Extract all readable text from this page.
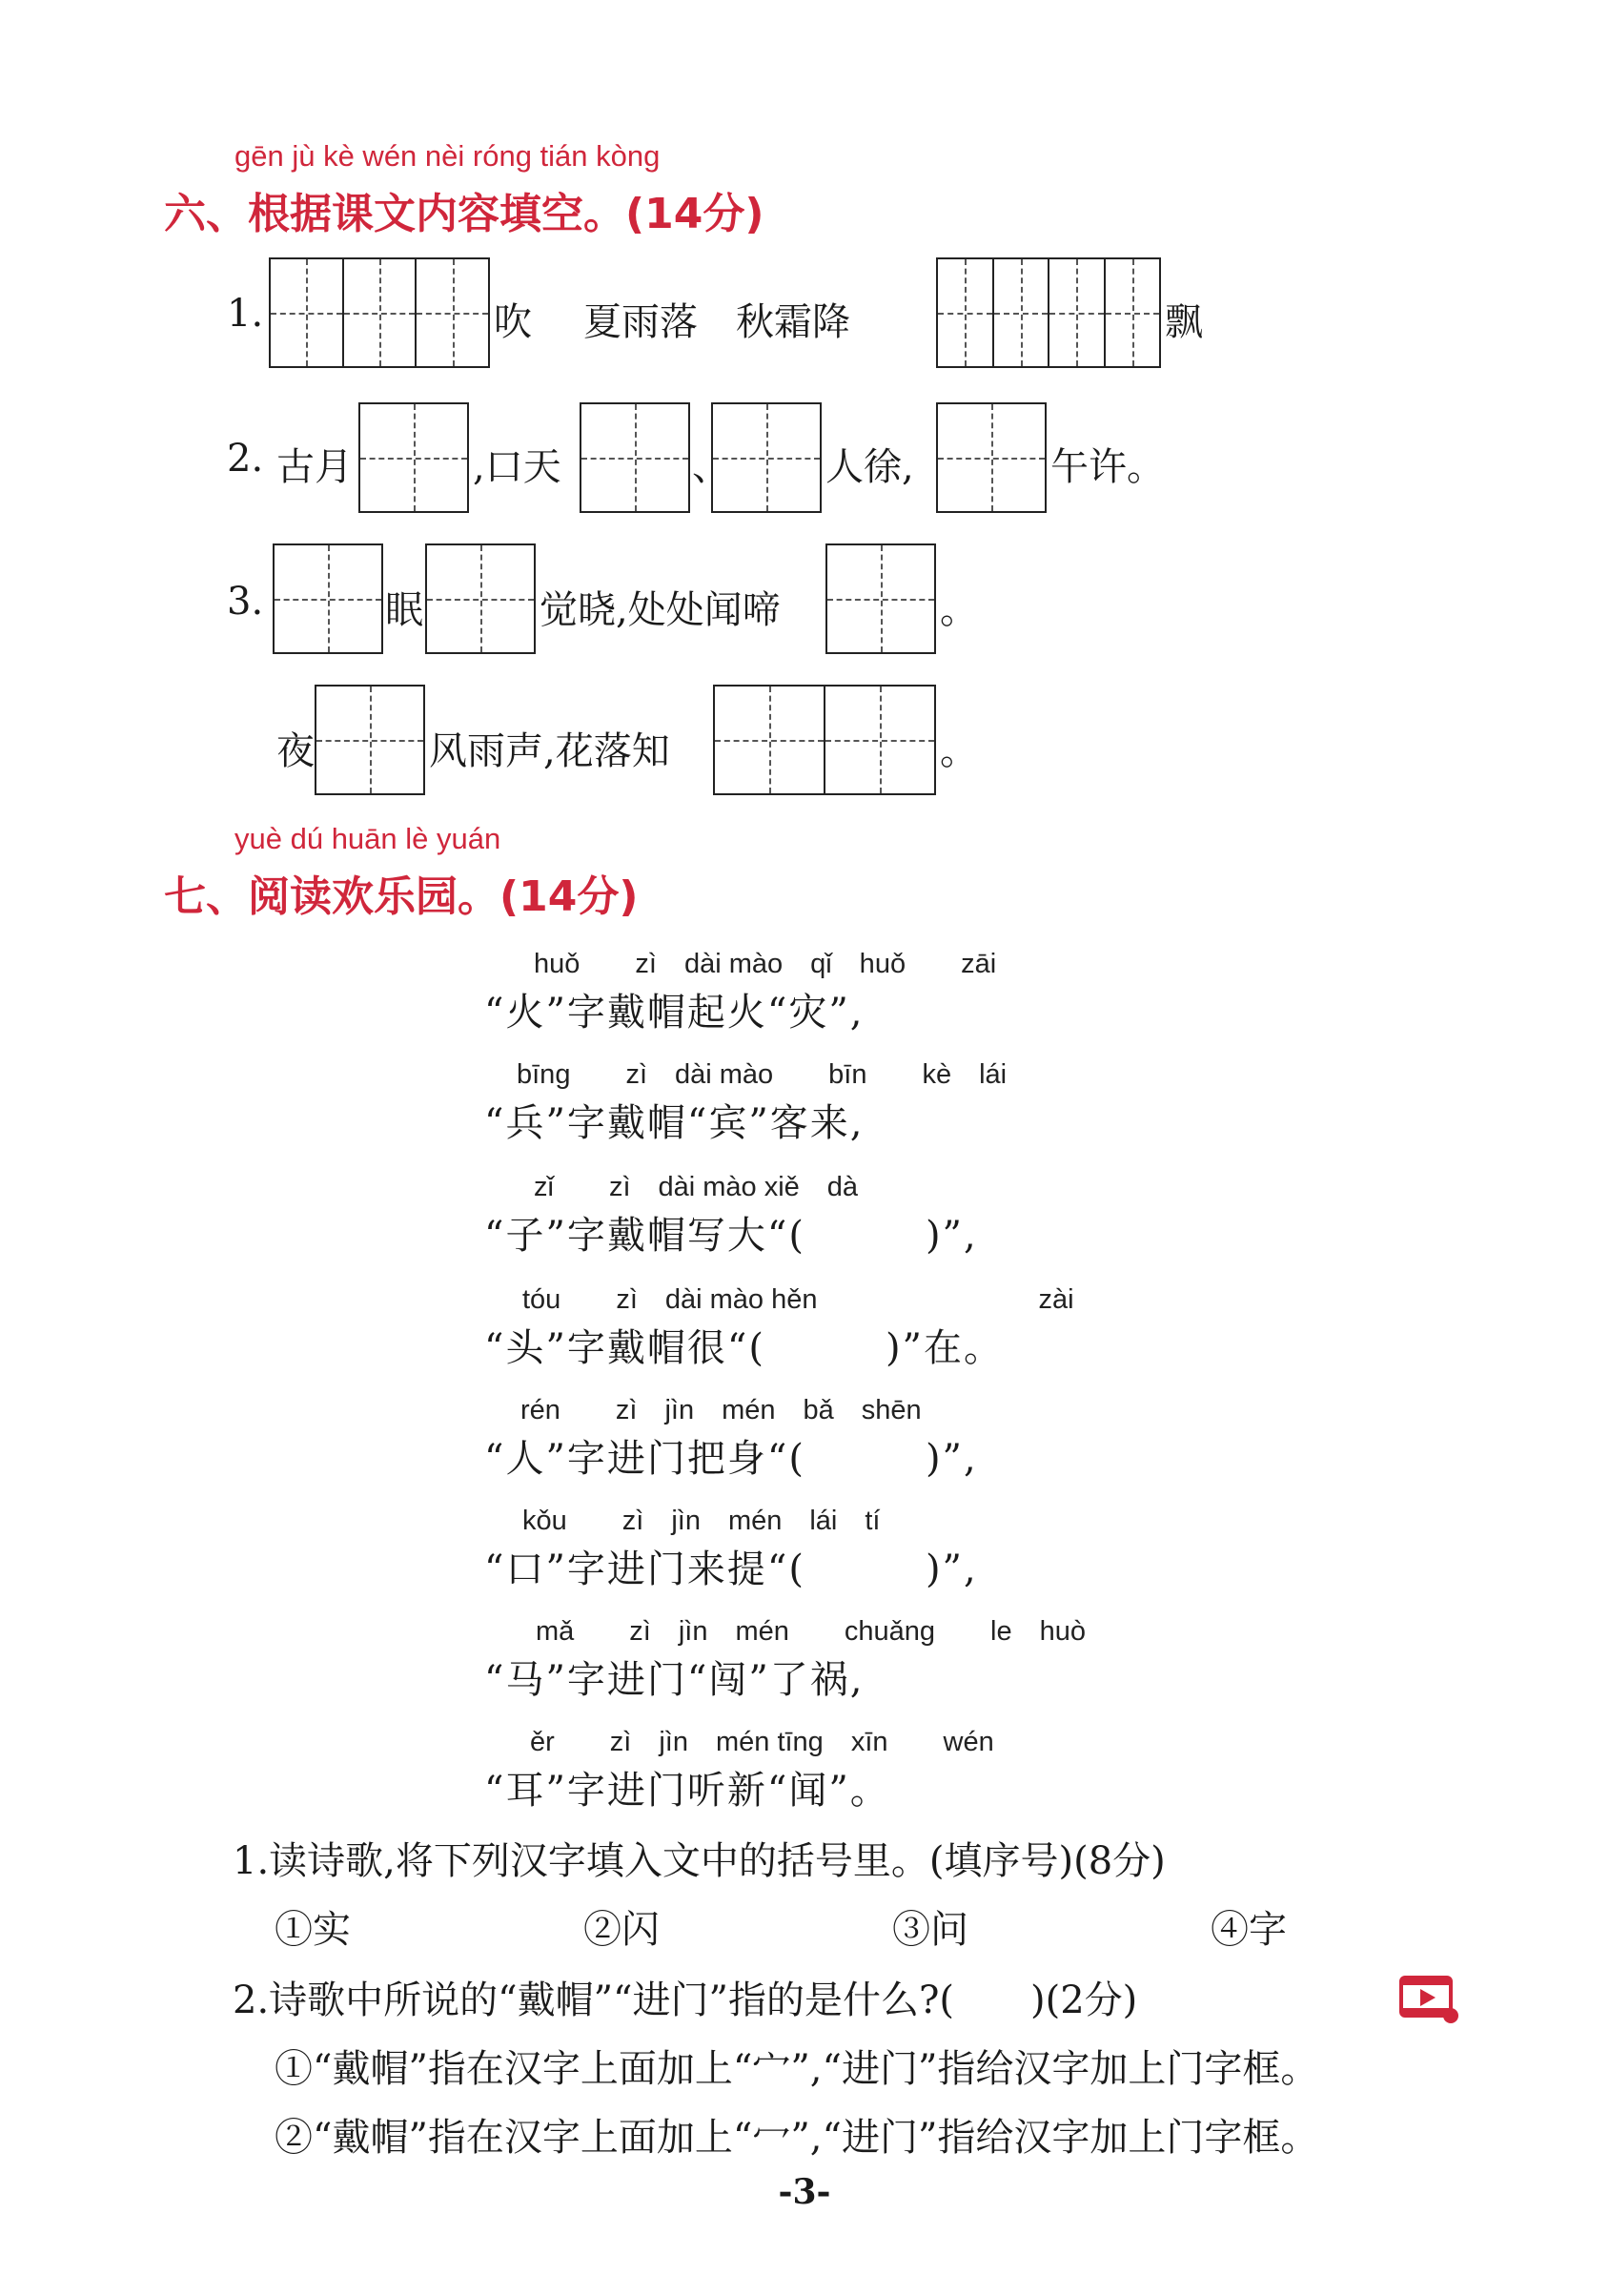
gēn jù kè wén nèi róng tián kòng
六、根据课文内容填空。(14分)
1.	吹 夏雨落　秋霜降	飘
2. 古月	,口天	、	人徐,	午许。
3.	眠	觉晓,处处闻啼	。
夜	风雨声,花落知	。
yuè dú huān lè yuán
七、阅读欢乐园。(14分)
huǒ　　zì　dài mào　qǐ　huǒ　　zāi
“火”字戴帽起火“灾”,
bīng　　zì　dài mào　　bīn　　kè　lái
“兵”字戴帽“宾”客来,
zǐ　　zì　dài mào xiě　dà
“子”字戴帽写大“(　　　)”,
tóu　　zì　dài mào hěn　　　　　　　　zài
“头”字戴帽很“(　　　)”在。
rén　　zì　jìn　mén　bǎ　shēn
“人”字进门把身“(　　　)”,
kǒu　　zì　jìn　mén　lái　tí
“口”字进门来提“(　　　)”,
mǎ　　zì　jìn　mén　　chuǎng　　le　huò
“马”字进门“闯”了祸,
ěr　　zì　jìn　mén tīng　xīn　　wén
“耳”字进门听新“闻”。
1.读诗歌,将下列汉字填入文中的括号里。(填序号)(8分)
①实	②闪	③问	④字
2.诗歌中所说的“戴帽”“进门”指的是什么?(　　)(2分)
①“戴帽”指在汉字上面加上“宀”,“进门”指给汉字加上门字框。
②“戴帽”指在汉字上面加上“冖”,“进门”指给汉字加上门字框。
-3-
